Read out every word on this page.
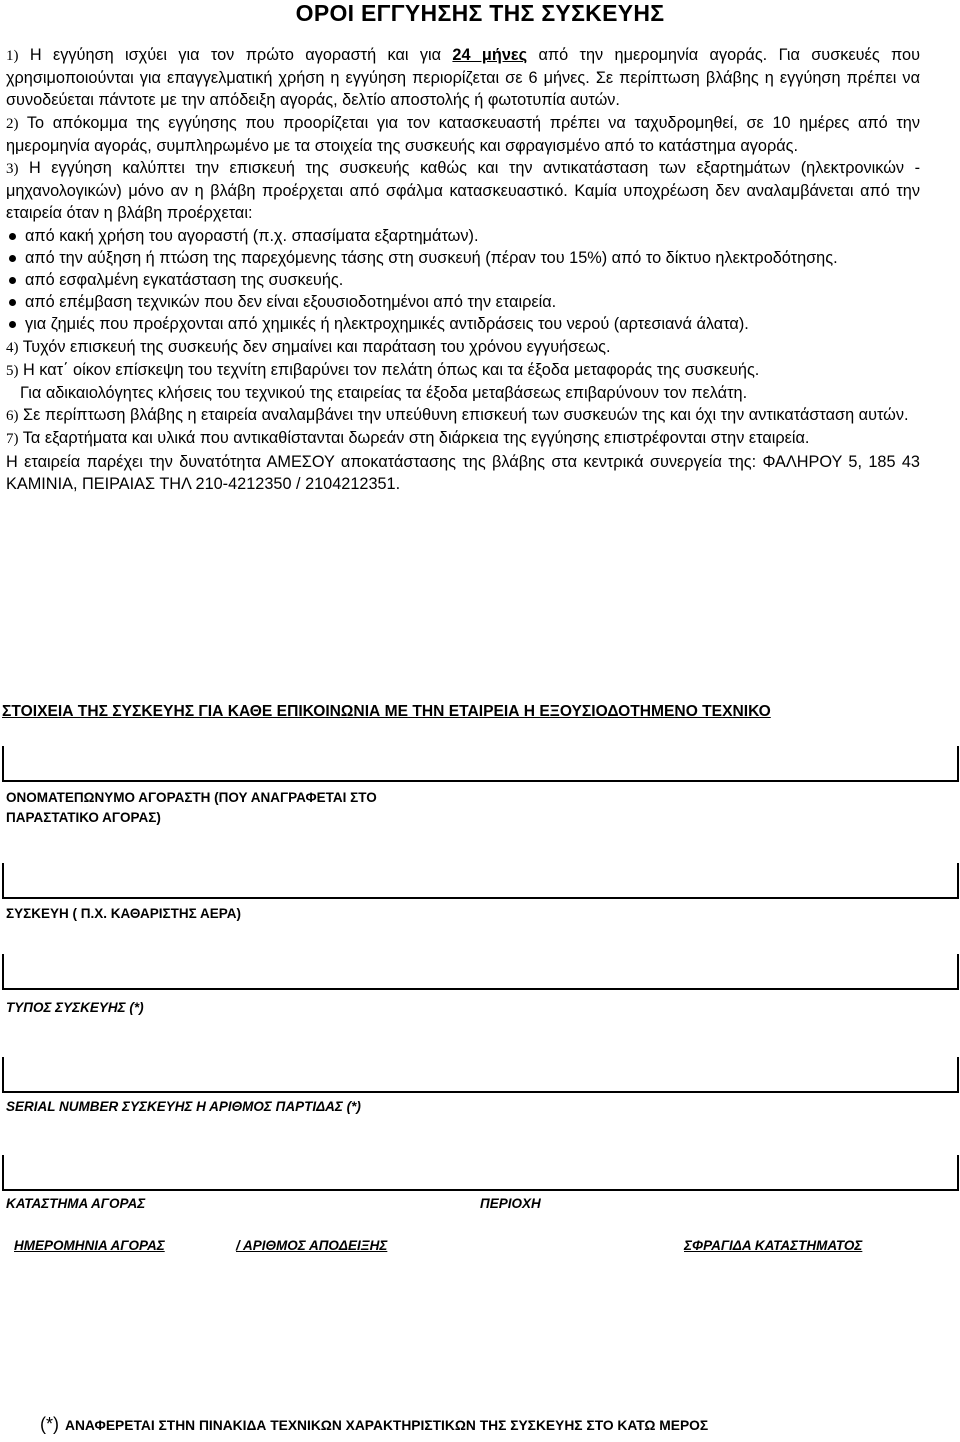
ΟΡΟΙ ΕΓΓΥΗΣΗΣ ΤΗΣ ΣΥΣΚΕΥΗΣ

1) Η εγγύηση ισχύει για τον πρώτο αγοραστή και για 24 μήνες από την ημερομηνία αγοράς. Για συσκευές που χρησιμοποιούνται για επαγγελματική χρήση η εγγύηση περιορίζεται σε 6 μήνες. Σε περίπτωση βλάβης η εγγύηση πρέπει να συνοδεύεται πάντοτε με την απόδειξη αγοράς, δελτίο αποστολής ή φωτοτυπία αυτών.

2) Το απόκομμα της εγγύησης που προορίζεται για τον κατασκευαστή πρέπει να ταχυδρομηθεί, σε 10 ημέρες από την ημερομηνία αγοράς, συμπληρωμένο με τα στοιχεία της συσκευής και σφραγισμένο από το κατάστημα αγοράς.

3) Η εγγύηση καλύπτει την επισκευή της συσκευής καθώς και την αντικατάσταση των εξαρτημάτων (ηλεκτρονικών - μηχανολογικών) μόνο αν η βλάβη προέρχεται από σφάλμα κατασκευαστικό. Καμία υποχρέωση δεν αναλαμβάνεται από την εταιρεία όταν η βλάβη προέρχεται:

από κακή χρήση του αγοραστή (π.χ. σπασίματα εξαρτημάτων).
από την αύξηση ή πτώση της παρεχόμενης τάσης στη συσκευή (πέραν του 15%) από το δίκτυο ηλεκτροδότησης.
από εσφαλμένη εγκατάσταση της συσκευής.
από επέμβαση τεχνικών που δεν είναι εξουσιοδοτημένοι από την εταιρεία.
για ζημιές που προέρχονται από χημικές ή ηλεκτροχημικές αντιδράσεις του νερού (αρτεσιανά άλατα).

4) Τυχόν επισκευή της συσκευής δεν σημαίνει και παράταση του χρόνου εγγυήσεως.

5) Η κατ΄ οίκον επίσκεψη του τεχνίτη επιβαρύνει τον πελάτη όπως και τα έξοδα μεταφοράς της συσκευής.

Για αδικαιολόγητες κλήσεις του τεχνικού της εταιρείας τα έξοδα μεταβάσεως επιβαρύνουν τον πελάτη.

6) Σε περίπτωση βλάβης η εταιρεία αναλαμβάνει την υπεύθυνη επισκευή των συσκευών της και όχι την αντικατάσταση αυτών.

7) Τα εξαρτήματα και υλικά που αντικαθίστανται δωρεάν στη διάρκεια της εγγύησης επιστρέφονται στην εταιρεία.

Η εταιρεία παρέχει την δυνατότητα ΑΜΕΣΟΥ αποκατάστασης της βλάβης στα κεντρικά συνεργεία της: ΦΑΛΗΡΟΥ 5, 185 43 ΚΑΜΙΝΙΑ, ΠΕΙΡΑΙΑΣ ΤΗΛ 210-4212350 / 2104212351.

ΣΤΟΙΧΕΙΑ ΤΗΣ ΣΥΣΚΕΥΗΣ ΓΙΑ ΚΑΘΕ ΕΠΙΚΟΙΝΩΝΙΑ ΜΕ ΤΗΝ ΕΤΑΙΡΕΙΑ Η ΕΞΟΥΣΙΟΔΟΤΗΜΕΝΟ ΤΕΧΝΙΚΟ
ΟΝΟΜΑΤΕΠΩΝΥΜΟ ΑΓΟΡΑΣΤΗ (ΠΟΥ ΑΝΑΓΡΑΦΕΤΑΙ ΣΤΟ
ΠΑΡΑΣΤΑΤΙΚΟ ΑΓΟΡΑΣ)
ΣΥΣΚΕΥΗ ( Π.Χ. ΚΑΘΑΡΙΣΤΗΣ ΑΕΡΑ)
ΤΥΠΟΣ ΣΥΣΚΕΥΗΣ (*)
SERIAL NUMBER ΣΥΣΚΕΥΗΣ Η ΑΡΙΘΜΟΣ ΠΑΡΤΙΔΑΣ (*)
ΚΑΤΑΣΤΗΜΑ ΑΓΟΡΑΣ	ΠΕΡΙΟΧΗ
ΗΜΕΡΟΜΗΝΙΑ ΑΓΟΡΑΣ	/ ΑΡΙΘΜΟΣ ΑΠΟΔΕΙΞΗΣ	ΣΦΡΑΓΙΔΑ ΚΑΤΑΣΤΗΜΑΤΟΣ
(*) ΑΝΑΦΕΡΕΤΑΙ ΣΤΗΝ ΠΙΝΑΚΙΔΑ ΤΕΧΝΙΚΩΝ ΧΑΡΑΚΤΗΡΙΣΤΙΚΩΝ ΤΗΣ ΣΥΣΚΕΥΗΣ ΣΤΟ ΚΑΤΩ ΜΕΡΟΣ
